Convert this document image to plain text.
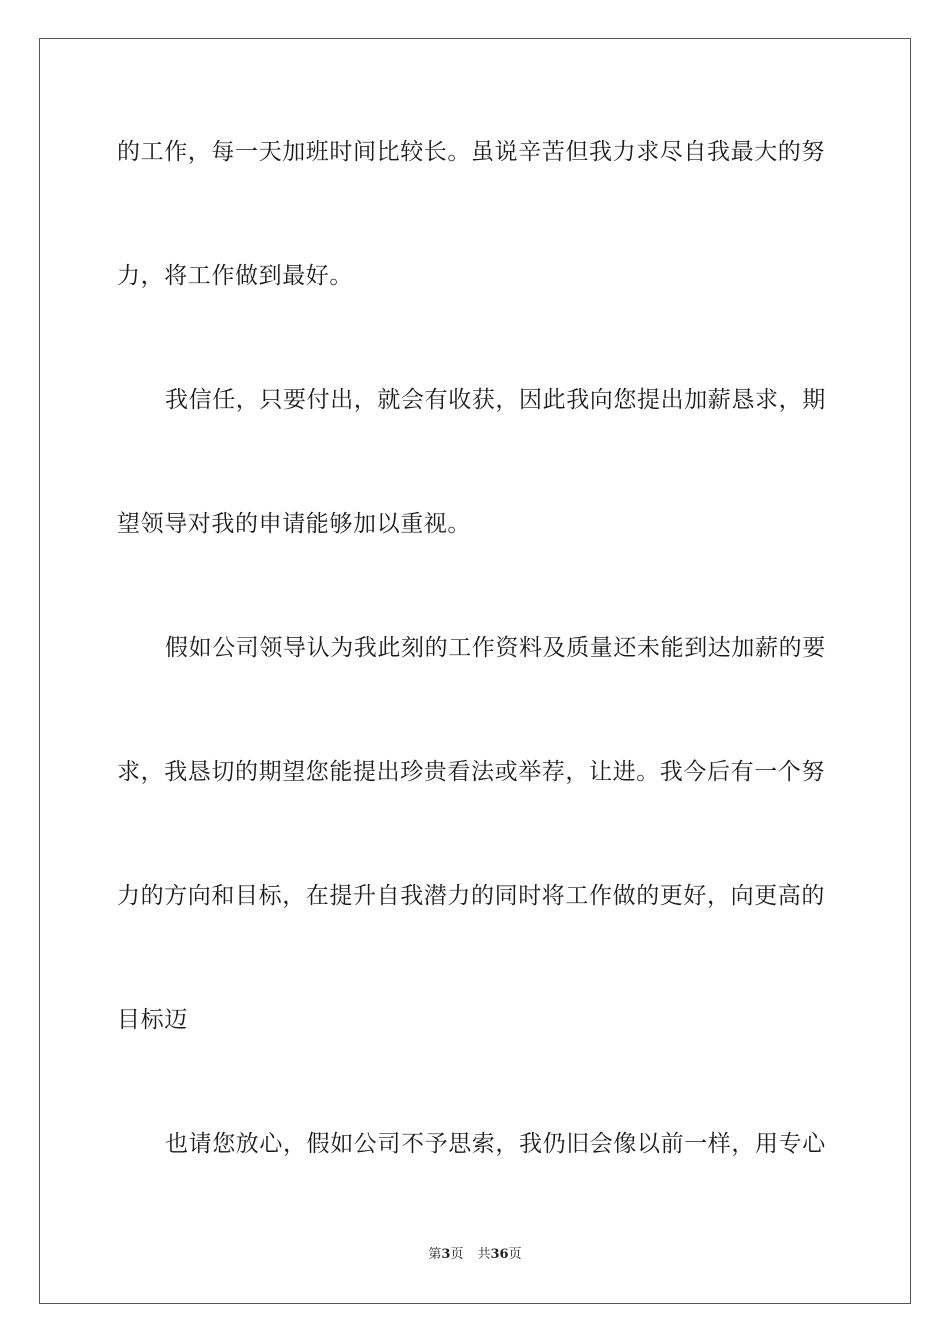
的工作，每一天加班时间比较长。虽说辛苦但我力求尽自我最大的努
力，将工作做到最好。
我信任，只要付出，就会有收获，因此我向您提出加薪恳求，期
望领导对我的申请能够加以重视。
假如公司领导认为我此刻的工作资料及质量还未能到达加薪的要
求，我恳切的期望您能提出珍贵看法或举荐，让进。我今后有一个努
力的方向和目标，在提升自我潜力的同时将工作做的更好，向更高的
目标迈
也请您放心，假如公司不予思索，我仍旧会像以前一样，用专心
第3页 共36页
